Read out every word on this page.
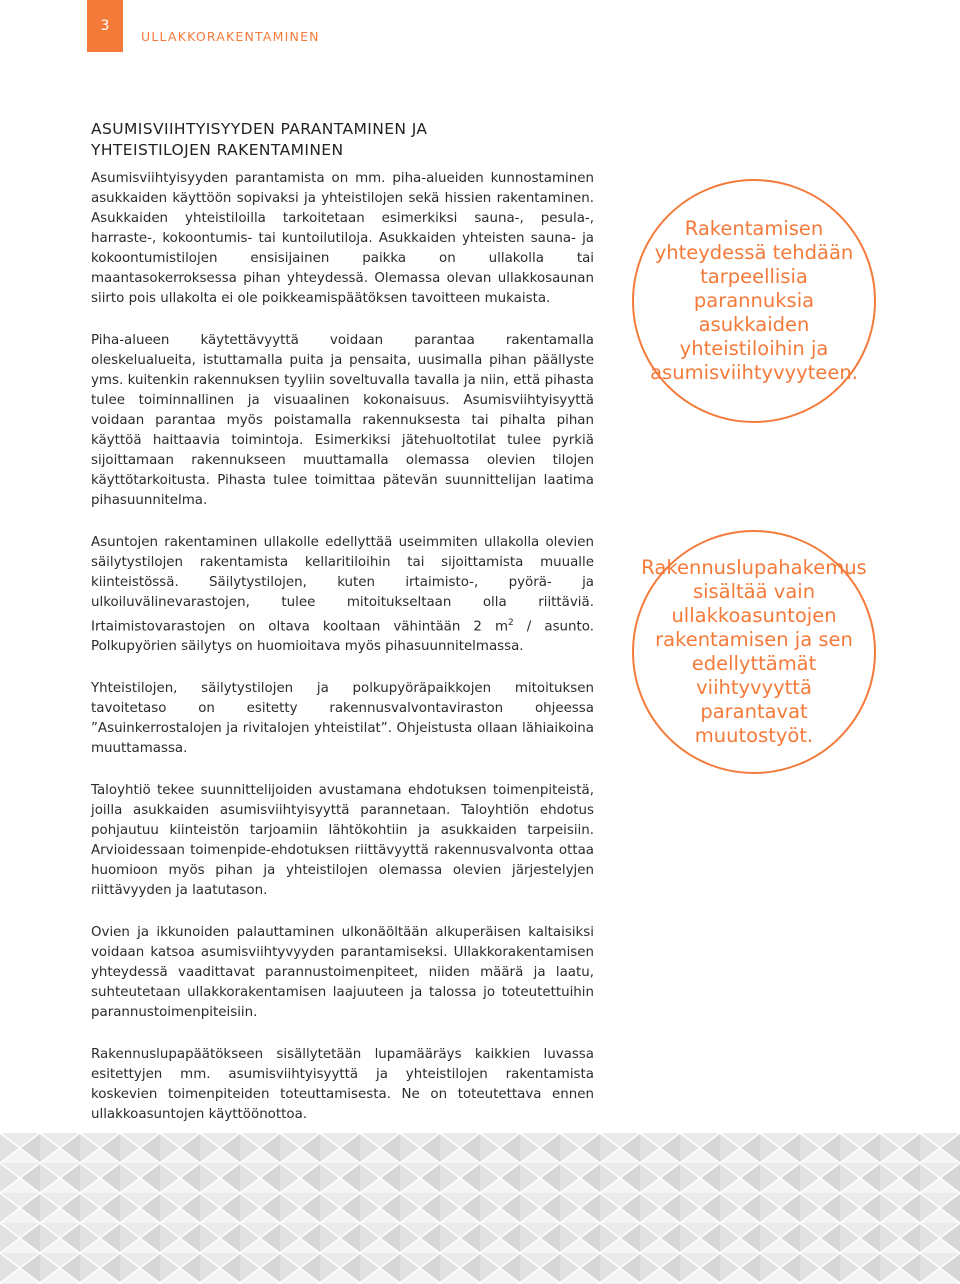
3
ULLAKKORAKENTAMINEN
ASUMISVIIHTYISYYDEN PARANTAMINEN JA
YHTEISTILOJEN RAKENTAMINEN

Asumisviihtyisyyden parantamista on mm. piha-alueiden kunnostaminen asukkaiden käyttöön sopivaksi ja yhteistilojen sekä hissien rakentaminen. Asukkaiden yhteistiloilla tarkoitetaan esimerkiksi sauna-, pesula-, harraste-, kokoontumis- tai kuntoilutiloja. Asukkaiden yhteisten sauna- ja kokoontumistilojen ensisijainen paikka on ullakolla tai maantasokerroksessa pihan yhteydessä. Olemassa olevan ullakkosaunan siirto pois ullakolta ei ole poikkeamispäätöksen tavoitteen mukaista.

Piha-alueen käytettävyyttä voidaan parantaa rakentamalla oleskelualueita, istuttamalla puita ja pensaita, uusimalla pihan päällyste yms. kuitenkin rakennuksen tyyliin soveltuvalla tavalla ja niin, että pihasta tulee toiminnallinen ja visuaalinen kokonaisuus. Asumisviihtyisyyttä voidaan parantaa myös poistamalla rakennuksesta tai pihalta pihan käyttöä haittaavia toimintoja. Esimerkiksi jätehuoltotilat tulee pyrkiä sijoittamaan rakennukseen muuttamalla olemassa olevien tilojen käyttötarkoitusta. Pihasta tulee toimittaa pätevän suunnittelijan laatima pihasuunnitelma.

Asuntojen rakentaminen ullakolle edellyttää useimmiten ullakolla olevien säilytystilojen rakentamista kellaritiloihin tai sijoittamista muualle kiinteistössä. Säilytystilojen, kuten irtaimisto-, pyörä- ja ulkoiluvälinevarastojen, tulee mitoitukseltaan olla riittäviä. Irtaimistovarastojen on oltava kooltaan vähintään 2 $m^2$ / asunto. Polkupyörien säilytys on huomioitava myös pihasuunnitelmassa.

Yhteistilojen, säilytystilojen ja polkupyöräpaikkojen mitoituksen tavoitetaso on esitetty rakennusvalvontaviraston ohjeessa ”Asuinkerrostalojen ja rivitalojen yhteistilat”. Ohjeistusta ollaan lähiaikoina muuttamassa.

Taloyhtiö tekee suunnittelijoiden avustamana ehdotuksen toimenpiteistä, joilla asukkaiden asumisviihtyisyyttä parannetaan. Taloyhtiön ehdotus pohjautuu kiinteistön tarjoamiin lähtökohtiin ja asukkaiden tarpeisiin. Arvioidessaan toimenpide-ehdotuksen riittävyyttä rakennusvalvonta ottaa huomioon myös pihan ja yhteistilojen olemassa olevien järjestelyjen riittävyyden ja laatutason.

Ovien ja ikkunoiden palauttaminen ulkonäöltään alkuperäisen kaltaisiksi voidaan katsoa asumisviihtyvyyden parantamiseksi. Ullakkorakentamisen yhteydessä vaadittavat parannustoimenpiteet, niiden määrä ja laatu, suhteutetaan ullakkorakentamisen laajuuteen ja talossa jo toteutettuihin parannustoimenpiteisiin.

Rakennuslupapäätökseen sisällytetään lupamääräys kaikkien luvassa esitettyjen mm. asumisviihtyisyyttä ja yhteistilojen rakentamista koskevien toimenpiteiden toteuttamisesta. Ne on toteutettava ennen ullakkoasuntojen käyttöönottoa.

Rakentamisen yhteydessä tehdään tarpeellisia parannuksia asukkaiden yhteistiloihin ja asumisviihtyvyyteen.
Rakennuslupahakemus sisältää vain ullakkoasuntojen rakentamisen ja sen edellyttämät viihtyvyyttä parantavat muutostyöt.
